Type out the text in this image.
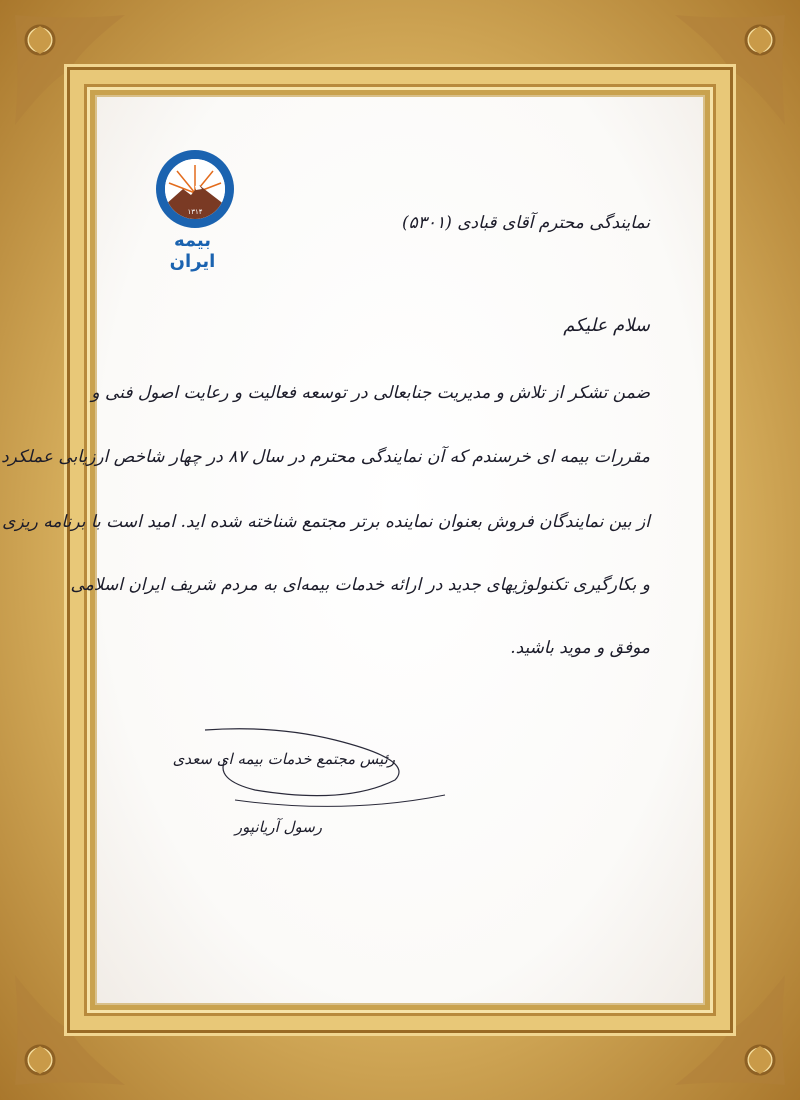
۱۳۱۴
بیمه ایران
نمایندگی محترم آقای قبادی (۵۳۰۱)
سلام علیکم
ضمن تشکر از تلاش و مدیریت جنابعالی در توسعه فعالیت و رعایت اصول فنی و
مقررات بیمه ای خرسندم که آن نمایندگی محترم در سال ۸۷ در چهار شاخص ارزیابی عملکرد
از بین نمایندگان فروش بعنوان نماینده برتر مجتمع شناخته شده اید. امید است با برنامه ریزی
و بکارگیری تکنولوژیهای جدید در ارائه خدمات بیمه‌ای به مردم شریف ایران اسلامی
موفق و موید باشید.
رئیس مجتمع خدمات بیمه ای سعدی
رسول آریانپور
